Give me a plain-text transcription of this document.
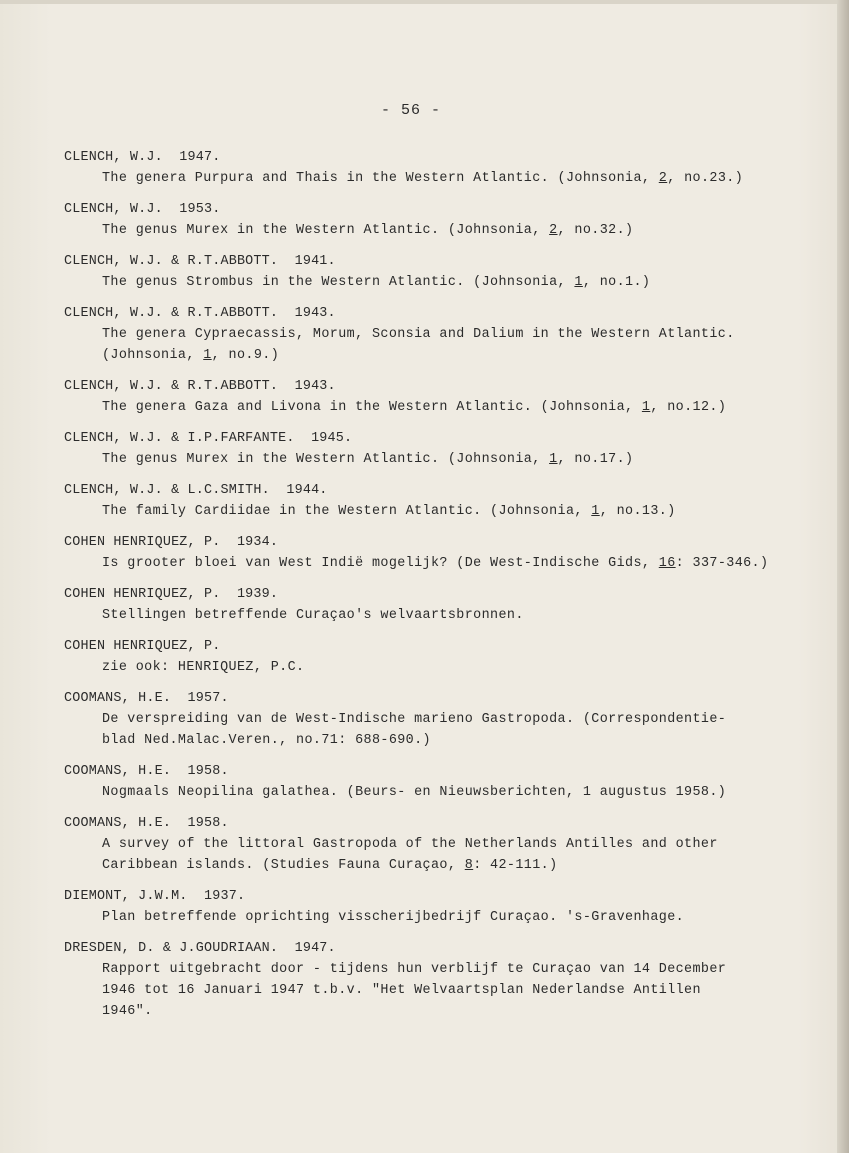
- 56 -
CLENCH, W.J.  1947.
The genera Purpura and Thais in the Western Atlantic. (Johnsonia, 2, no.23.)
CLENCH, W.J.  1953.
The genus Murex in the Western Atlantic. (Johnsonia, 2, no.32.)
CLENCH, W.J. & R.T.ABBOTT.  1941.
The genus Strombus in the Western Atlantic. (Johnsonia, 1, no.1.)
CLENCH, W.J. & R.T.ABBOTT.  1943.
The genera Cypraecassis, Morum, Sconsia and Dalium in the Western Atlantic.
(Johnsonia, 1, no.9.)
CLENCH, W.J. & R.T.ABBOTT.  1943.
The genera Gaza and Livona in the Western Atlantic. (Johnsonia, 1, no.12.)
CLENCH, W.J. & I.P.FARFANTE.  1945.
The genus Murex in the Western Atlantic. (Johnsonia, 1, no.17.)
CLENCH, W.J. & L.C.SMITH.  1944.
The family Cardiidae in the Western Atlantic. (Johnsonia, 1, no.13.)
COHEN HENRIQUEZ, P.  1934.
Is grooter bloei van West Indië mogelijk? (De West-Indische Gids, 16: 337-346.)
COHEN HENRIQUEZ, P.  1939.
Stellingen betreffende Curaçao's welvaartsbronnen.
COHEN HENRIQUEZ, P.
zie ook: HENRIQUEZ, P.C.
COOMANS, H.E.  1957.
De verspreiding van de West-Indische marieno Gastropoda. (Correspondentie-
blad Ned.Malac.Veren., no.71: 688-690.)
COOMANS, H.E.  1958.
Nogmaals Neopilina galathea. (Beurs- en Nieuwsberichten, 1 augustus 1958.)
COOMANS, H.E.  1958.
A survey of the littoral Gastropoda of the Netherlands Antilles and other
Caribbean islands. (Studies Fauna Curaçao, 8: 42-111.)
DIEMONT, J.W.M.  1937.
Plan betreffende oprichting visscherijbedrijf Curaçao. 's-Gravenhage.
DRESDEN, D. & J.GOUDRIAAN.  1947.
Rapport uitgebracht door - tijdens hun verblijf te Curaçao van 14 December
1946 tot 16 Januari 1947 t.b.v. "Het Welvaartsplan Nederlandse Antillen
1946".
